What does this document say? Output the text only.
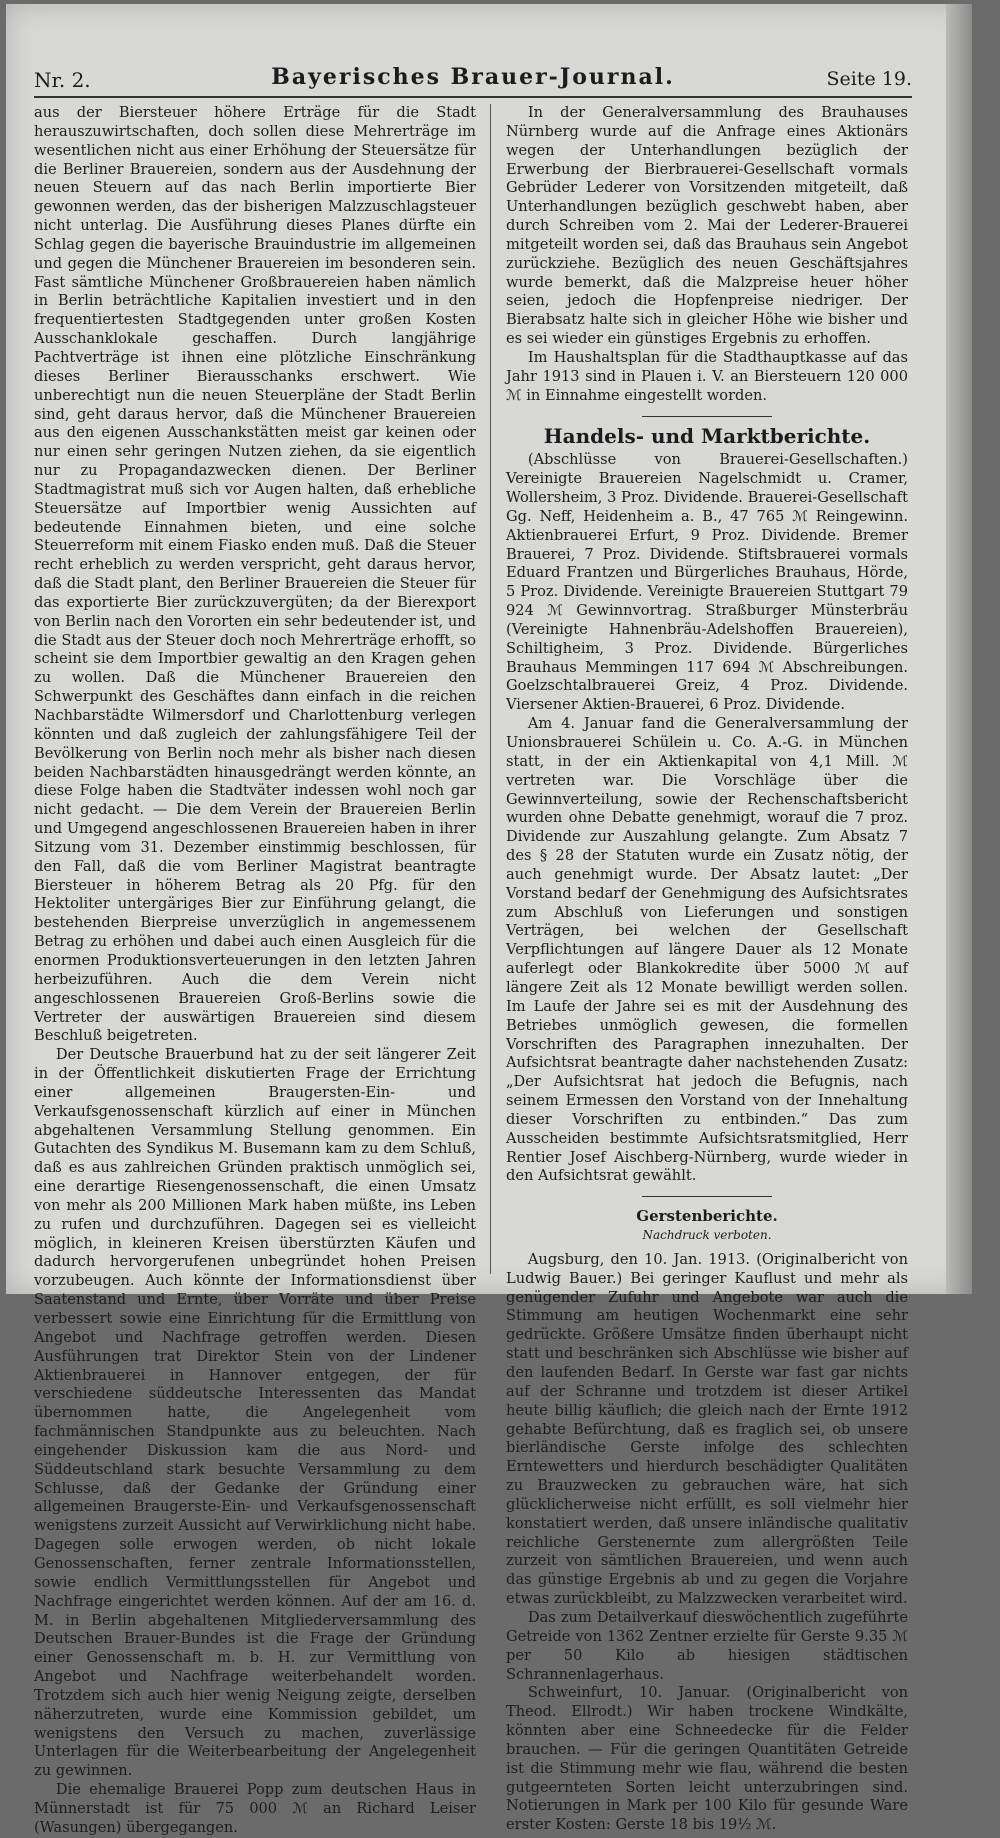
Nr. 2.	Bayerisches Brauer-Journal.	Seite 19.

aus der Biersteuer höhere Erträge für die Stadt herauszuwirtschaften, doch sollen diese Mehrerträge im wesentlichen nicht aus einer Erhöhung der Steuersätze für die Berliner Brauereien, sondern aus der Ausdehnung der neuen Steuern auf das nach Berlin importierte Bier gewonnen werden, das der bisherigen Malzzuschlagsteuer nicht unterlag. Die Ausführung dieses Planes dürfte ein Schlag gegen die bayerische Brauindustrie im allgemeinen und gegen die Münchener Brauereien im besonderen sein. Fast sämtliche Münchener Großbrauereien haben nämlich in Berlin beträchtliche Kapitalien investiert und in den frequentiertesten Stadtgegenden unter großen Kosten Ausschanklokale geschaffen. Durch langjährige Pachtverträge ist ihnen eine plötzliche Einschränkung dieses Berliner Bierausschanks erschwert. Wie unberechtigt nun die neuen Steuerpläne der Stadt Berlin sind, geht daraus hervor, daß die Münchener Brauereien aus den eigenen Ausschankstätten meist gar keinen oder nur einen sehr geringen Nutzen ziehen, da sie eigentlich nur zu Propagandazwecken dienen. Der Berliner Stadtmagistrat muß sich vor Augen halten, daß erhebliche Steuersätze auf Importbier wenig Aussichten auf bedeutende Einnahmen bieten, und eine solche Steuerreform mit einem Fiasko enden muß. Daß die Steuer recht erheblich zu werden verspricht, geht daraus hervor, daß die Stadt plant, den Berliner Brauereien die Steuer für das exportierte Bier zurückzuvergüten; da der Bierexport von Berlin nach den Vororten ein sehr bedeutender ist, und die Stadt aus der Steuer doch noch Mehrerträge erhofft, so scheint sie dem Importbier gewaltig an den Kragen gehen zu wollen. Daß die Münchener Brauereien den Schwerpunkt des Geschäftes dann einfach in die reichen Nachbarstädte Wilmersdorf und Charlottenburg verlegen könnten und daß zugleich der zahlungsfähigere Teil der Bevölkerung von Berlin noch mehr als bisher nach diesen beiden Nachbarstädten hinausgedrängt werden könnte, an diese Folge haben die Stadtväter indessen wohl noch gar nicht gedacht. — Die dem Verein der Brauereien Berlin und Umgegend angeschlossenen Brauereien haben in ihrer Sitzung vom 31. Dezember einstimmig beschlossen, für den Fall, daß die vom Berliner Magistrat beantragte Biersteuer in höherem Betrag als 20 Pfg. für den Hektoliter untergäriges Bier zur Einführung gelangt, die bestehenden Bierpreise unverzüglich in angemessenem Betrag zu erhöhen und dabei auch einen Ausgleich für die enormen Produktionsverteuerungen in den letzten Jahren herbeizuführen. Auch die dem Verein nicht angeschlossenen Brauereien Groß-Berlins sowie die Vertreter der auswärtigen Brauereien sind diesem Beschluß beigetreten.

Der Deutsche Brauerbund hat zu der seit längerer Zeit in der Öffentlichkeit diskutierten Frage der Errichtung einer allgemeinen Braugersten-Ein- und Verkaufsgenossenschaft kürzlich auf einer in München abgehaltenen Versammlung Stellung genommen. Ein Gutachten des Syndikus M. Busemann kam zu dem Schluß, daß es aus zahlreichen Gründen praktisch unmöglich sei, eine derartige Riesengenossenschaft, die einen Umsatz von mehr als 200 Millionen Mark haben müßte, ins Leben zu rufen und durchzuführen. Dagegen sei es vielleicht möglich, in kleineren Kreisen überstürzten Käufen und dadurch hervorgerufenen unbegründet hohen Preisen vorzubeugen. Auch könnte der Informationsdienst über Saatenstand und Ernte, über Vorräte und über Preise verbessert sowie eine Einrichtung für die Ermittlung von Angebot und Nachfrage getroffen werden. Diesen Ausführungen trat Direktor Stein von der Lindener Aktienbrauerei in Hannover entgegen, der für verschiedene süddeutsche Interessenten das Mandat übernommen hatte, die Angelegenheit vom fachmännischen Standpunkte aus zu beleuchten. Nach eingehender Diskussion kam die aus Nord- und Süddeutschland stark besuchte Versammlung zu dem Schlusse, daß der Gedanke der Gründung einer allgemeinen Braugerste-Ein- und Verkaufsgenossenschaft wenigstens zurzeit Aussicht auf Verwirklichung nicht habe. Dagegen solle erwogen werden, ob nicht lokale Genossenschaften, ferner zentrale Informationsstellen, sowie endlich Vermittlungsstellen für Angebot und Nachfrage eingerichtet werden können. Auf der am 16. d. M. in Berlin abgehaltenen Mitgliederversammlung des Deutschen Brauer-Bundes ist die Frage der Gründung einer Genossenschaft m. b. H. zur Vermittlung von Angebot und Nachfrage weiterbehandelt worden. Trotzdem sich auch hier wenig Neigung zeigte, derselben näherzutreten, wurde eine Kommission gebildet, um wenigstens den Versuch zu machen, zuverlässige Unterlagen für die Weiterbearbeitung der Angelegenheit zu gewinnen.

Die ehemalige Brauerei Popp zum deutschen Haus in Münnerstadt ist für 75 000 ℳ an Richard Leiser (Wasungen) übergegangen.

In der Generalversammlung des Brauhauses Nürnberg wurde auf die Anfrage eines Aktionärs wegen der Unterhandlungen bezüglich der Erwerbung der Bierbrauerei-Gesellschaft vormals Gebrüder Lederer von Vorsitzenden mitgeteilt, daß Unterhandlungen bezüglich geschwebt haben, aber durch Schreiben vom 2. Mai der Lederer-Brauerei mitgeteilt worden sei, daß das Brauhaus sein Angebot zurückziehe. Bezüglich des neuen Geschäftsjahres wurde bemerkt, daß die Malzpreise heuer höher seien, jedoch die Hopfenpreise niedriger. Der Bierabsatz halte sich in gleicher Höhe wie bisher und es sei wieder ein günstiges Ergebnis zu erhoffen.

Im Haushaltsplan für die Stadthauptkasse auf das Jahr 1913 sind in Plauen i. V. an Biersteuern 120 000 ℳ in Einnahme eingestellt worden.

Handels- und Marktberichte.

(Abschlüsse von Brauerei-Gesellschaften.) Vereinigte Brauereien Nagelschmidt u. Cramer, Wollersheim, 3 Proz. Dividende. Brauerei-Gesellschaft Gg. Neff, Heidenheim a. B., 47 765 ℳ Reingewinn. Aktienbrauerei Erfurt, 9 Proz. Dividende. Bremer Brauerei, 7 Proz. Dividende. Stiftsbrauerei vormals Eduard Frantzen und Bürgerliches Brauhaus, Hörde, 5 Proz. Dividende. Vereinigte Brauereien Stuttgart 79 924 ℳ Gewinnvortrag. Straßburger Münsterbräu (Vereinigte Hahnenbräu-Adelshoffen Brauereien), Schiltigheim, 3 Proz. Dividende. Bürgerliches Brauhaus Memmingen 117 694 ℳ Abschreibungen. Goelzschtalbrauerei Greiz, 4 Proz. Dividende. Viersener Aktien-Brauerei, 6 Proz. Dividende.

Am 4. Januar fand die Generalversammlung der Unionsbrauerei Schülein u. Co. A.-G. in München statt, in der ein Aktienkapital von 4,1 Mill. ℳ vertreten war. Die Vorschläge über die Gewinnverteilung, sowie der Rechenschaftsbericht wurden ohne Debatte genehmigt, worauf die 7 proz. Dividende zur Auszahlung gelangte. Zum Absatz 7 des § 28 der Statuten wurde ein Zusatz nötig, der auch genehmigt wurde. Der Absatz lautet: „Der Vorstand bedarf der Genehmigung des Aufsichtsrates zum Abschluß von Lieferungen und sonstigen Verträgen, bei welchen der Gesellschaft Verpflichtungen auf längere Dauer als 12 Monate auferlegt oder Blankokredite über 5000 ℳ auf längere Zeit als 12 Monate bewilligt werden sollen. Im Laufe der Jahre sei es mit der Ausdehnung des Betriebes unmöglich gewesen, die formellen Vorschriften des Paragraphen innezuhalten. Der Aufsichtsrat beantragte daher nachstehenden Zusatz: „Der Aufsichtsrat hat jedoch die Befugnis, nach seinem Ermessen den Vorstand von der Innehaltung dieser Vorschriften zu entbinden.“ Das zum Ausscheiden bestimmte Aufsichtsratsmitglied, Herr Rentier Josef Aischberg-Nürnberg, wurde wieder in den Aufsichtsrat gewählt.

Gerstenberichte.
Nachdruck verboten.

Augsburg, den 10. Jan. 1913. (Originalbericht von Ludwig Bauer.) Bei geringer Kauflust und mehr als genügender Zufuhr und Angebote war auch die Stimmung am heutigen Wochenmarkt eine sehr gedrückte. Größere Umsätze finden überhaupt nicht statt und beschränken sich Abschlüsse wie bisher auf den laufenden Bedarf. In Gerste war fast gar nichts auf der Schranne und trotzdem ist dieser Artikel heute billig käuflich; die gleich nach der Ernte 1912 gehabte Befürchtung, daß es fraglich sei, ob unsere bierländische Gerste infolge des schlechten Erntewetters und hierdurch beschädigter Qualitäten zu Brauzwecken zu gebrauchen wäre, hat sich glücklicherweise nicht erfüllt, es soll vielmehr hier konstatiert werden, daß unsere inländische qualitativ reichliche Gerstenernte zum allergrößten Teile zurzeit von sämtlichen Brauereien, und wenn auch das günstige Ergebnis ab und zu gegen die Vorjahre etwas zurückbleibt, zu Malzzwecken verarbeitet wird.

Das zum Detailverkauf dieswöchentlich zugeführte Getreide von 1362 Zentner erzielte für Gerste 9.35 ℳ per 50 Kilo ab hiesigen städtischen Schrannenlagerhaus.

Schweinfurt, 10. Januar. (Originalbericht von Theod. Ellrodt.) Wir haben trockene Windkälte, könnten aber eine Schneedecke für die Felder brauchen. — Für die geringen Quantitäten Getreide ist die Stimmung mehr wie flau, während die besten gutgeernteten Sorten leicht unterzubringen sind. Notierungen in Mark per 100 Kilo für gesunde Ware erster Kosten: Gerste 18 bis 19½ ℳ.
